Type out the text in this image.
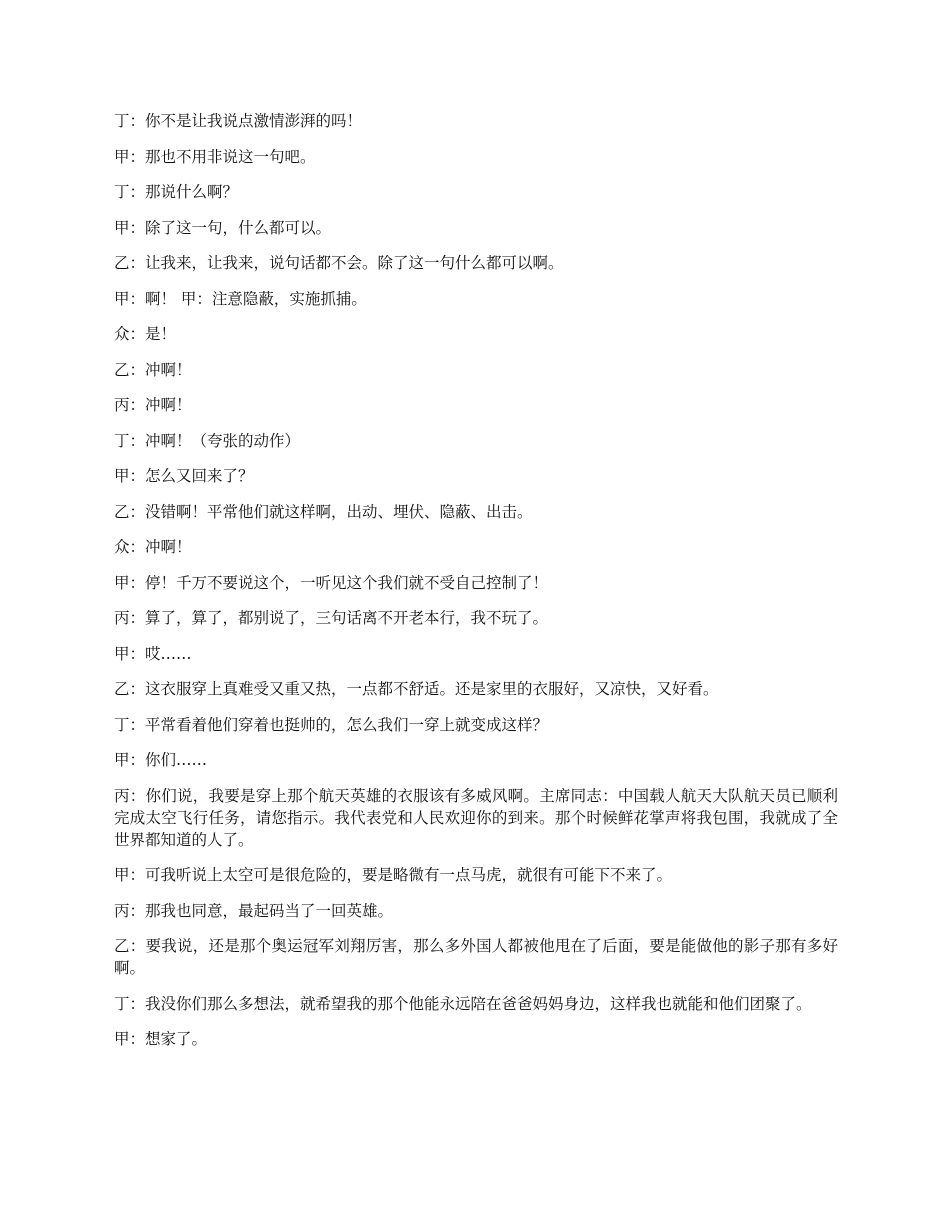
丁：你不是让我说点激情澎湃的吗！

甲：那也不用非说这一句吧。

丁：那说什么啊？

甲：除了这一句，什么都可以。

乙：让我来，让我来，说句话都不会。除了这一句什么都可以啊。

甲：啊！ 甲：注意隐蔽，实施抓捕。

众：是！

乙：冲啊！

丙：冲啊！

丁：冲啊！（夸张的动作）

甲：怎么又回来了？

乙：没错啊！平常他们就这样啊，出动、埋伏、隐蔽、出击。

众：冲啊！

甲：停！千万不要说这个，一听见这个我们就不受自己控制了！

丙：算了，算了，都别说了，三句话离不开老本行，我不玩了。

甲：哎……

乙：这衣服穿上真难受又重又热，一点都不舒适。还是家里的衣服好，又凉快，又好看。

丁：平常看着他们穿着也挺帅的，怎么我们一穿上就变成这样？

甲：你们……

丙：你们说，我要是穿上那个航天英雄的衣服该有多威风啊。主席同志：中国载人航天大队航天员已顺利完成太空飞行任务，请您指示。我代表党和人民欢迎你的到来。那个时候鲜花掌声将我包围，我就成了全世界都知道的人了。

甲：可我听说上太空可是很危险的，要是略微有一点马虎，就很有可能下不来了。

丙：那我也同意，最起码当了一回英雄。

乙：要我说，还是那个奥运冠军刘翔厉害，那么多外国人都被他甩在了后面，要是能做他的影子那有多好啊。

丁：我没你们那么多想法，就希望我的那个他能永远陪在爸爸妈妈身边，这样我也就能和他们团聚了。

甲：想家了。
